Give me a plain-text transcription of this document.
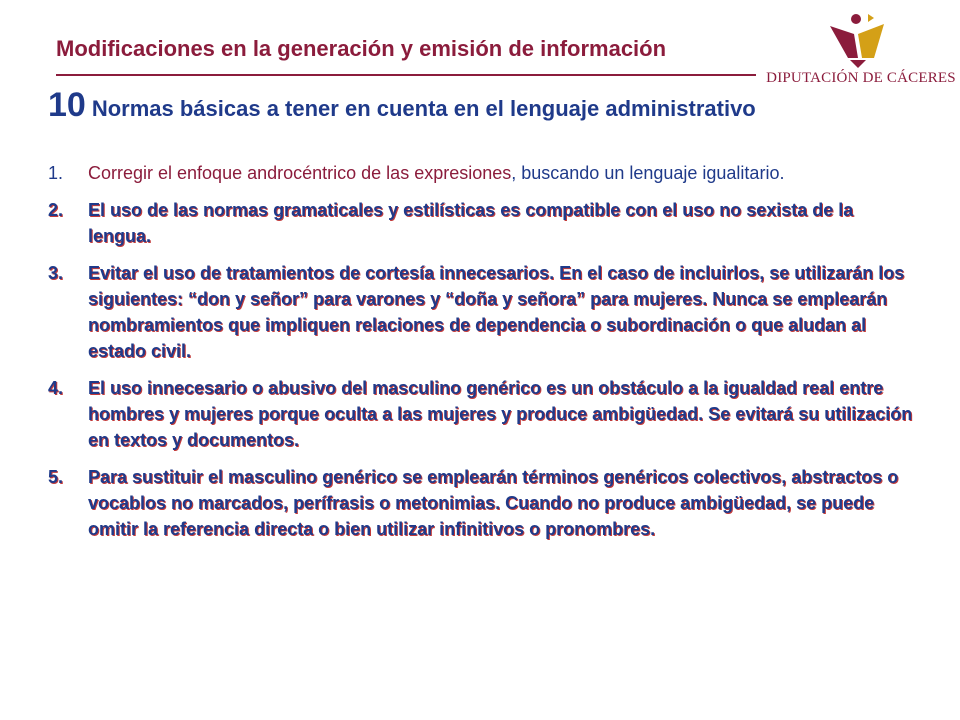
Modificaciones en la generación y emisión de información
DIPUTACIÓN DE CÁCERES
10 Normas básicas a tener en cuenta en el lenguaje administrativo
1.	Corregir el enfoque androcéntrico de las expresiones, buscando un lenguaje igualitario.
2.	El uso de las normas gramaticales y estilísticas es compatible con el uso no sexista de la lengua.
3.	Evitar el uso de tratamientos de cortesía innecesarios. En el caso de incluirlos, se utilizarán los siguientes: “don y señor” para varones y “doña y señora” para mujeres. Nunca se emplearán nombramientos que impliquen relaciones de dependencia o subordinación o que aludan al estado civil.
4.	El uso innecesario o abusivo del masculino genérico es un obstáculo a la igualdad real entre hombres y mujeres porque oculta a las mujeres y produce ambigüedad. Se evitará su utilización en textos y documentos.
5.	Para sustituir el masculino genérico se emplearán términos genéricos colectivos, abstractos o vocablos no marcados, perífrasis o metonimias. Cuando no produce ambigüedad, se puede omitir la referencia directa o bien utilizar infinitivos o pronombres.
